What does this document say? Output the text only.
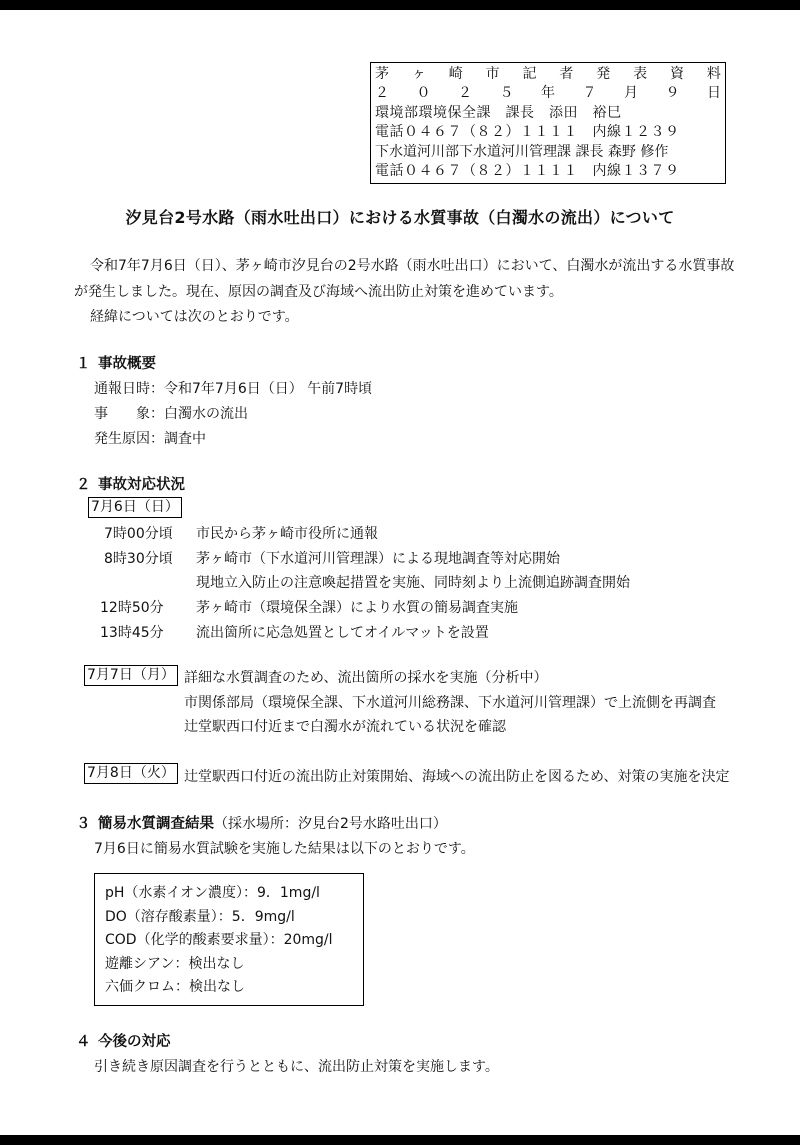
茅 ヶ 崎 市 記 者 発 表 資 料
２ ０ ２ ５ 年 ７ 月 ９ 日
環境部環境保全課　課長　添田　裕巳
電話０４６７（８２）１１１１　内線１２３９
下水道河川部下水道河川管理課 課長 森野 修作
電話０４６７（８２）１１１１　内線１３７９
汐見台2号水路（雨水吐出口）における水質事故（白濁水の流出）について
令和7年7月6日（日）、茅ヶ崎市汐見台の2号水路（雨水吐出口）において、白濁水が流出する水質事故
が発生しました。現在、原因の調査及び海域へ流出防止対策を進めています。
経緯については次のとおりです。
１ 事故概要
通報日時：令和7年7月6日（日） 午前7時頃
事　　象：白濁水の流出
発生原因：調査中
２ 事故対応状況
7月6日（日）
7時00分頃 市民から茅ヶ崎市役所に通報
8時30分頃 茅ヶ崎市（下水道河川管理課）による現地調査等対応開始
現地立入防止の注意喚起措置を実施、同時刻より上流側追跡調査開始
12時50分 茅ヶ崎市（環境保全課）により水質の簡易調査実施
13時45分 流出箇所に応急処置としてオイルマットを設置
7月7日（月） 詳細な水質調査のため、流出箇所の採水を実施（分析中）
市関係部局（環境保全課、下水道河川総務課、下水道河川管理課）で上流側を再調査
辻堂駅西口付近まで白濁水が流れている状況を確認
7月8日（火） 辻堂駅西口付近の流出防止対策開始、海域への流出防止を図るため、対策の実施を決定
３ 簡易水質調査結果（採水場所：汐見台2号水路吐出口）
7月6日に簡易水質試験を実施した結果は以下のとおりです。
pH（水素イオン濃度）：9．1mg/l
DO（溶存酸素量）：5．9mg/l
COD（化学的酸素要求量）：20mg/l
遊離シアン：検出なし
六価クロム：検出なし
４ 今後の対応
引き続き原因調査を行うとともに、流出防止対策を実施します。
